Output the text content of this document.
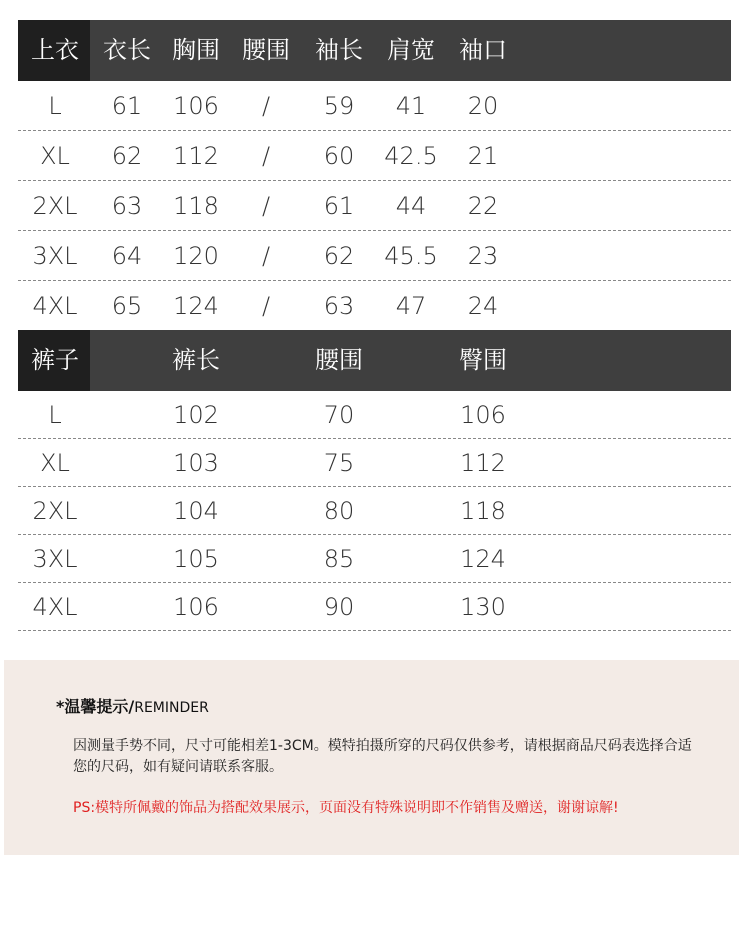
上衣 衣长 胸围 腰围 袖长 肩宽 袖口
L 61 106 / 59 41 20
XL 62 112 / 60 42.5 21
2XL 63 118 / 61 44 22
3XL 64 120 / 62 45.5 23
4XL 65 124 / 63 47 24
裤子	裤长	腰围	臀围
L	102	70	106
XL	103	75	112
2XL	104	80	118
3XL	105	85	124
4XL	106	90	130
*温馨提示/REMINDER
因测量手势不同，尺寸可能相差1-3CM。模特拍摄所穿的尺码仅供参考，请根据商品尺码表选择合适您的尺码，如有疑问请联系客服。
PS:模特所佩戴的饰品为搭配效果展示，页面没有特殊说明即不作销售及赠送，谢谢谅解!
